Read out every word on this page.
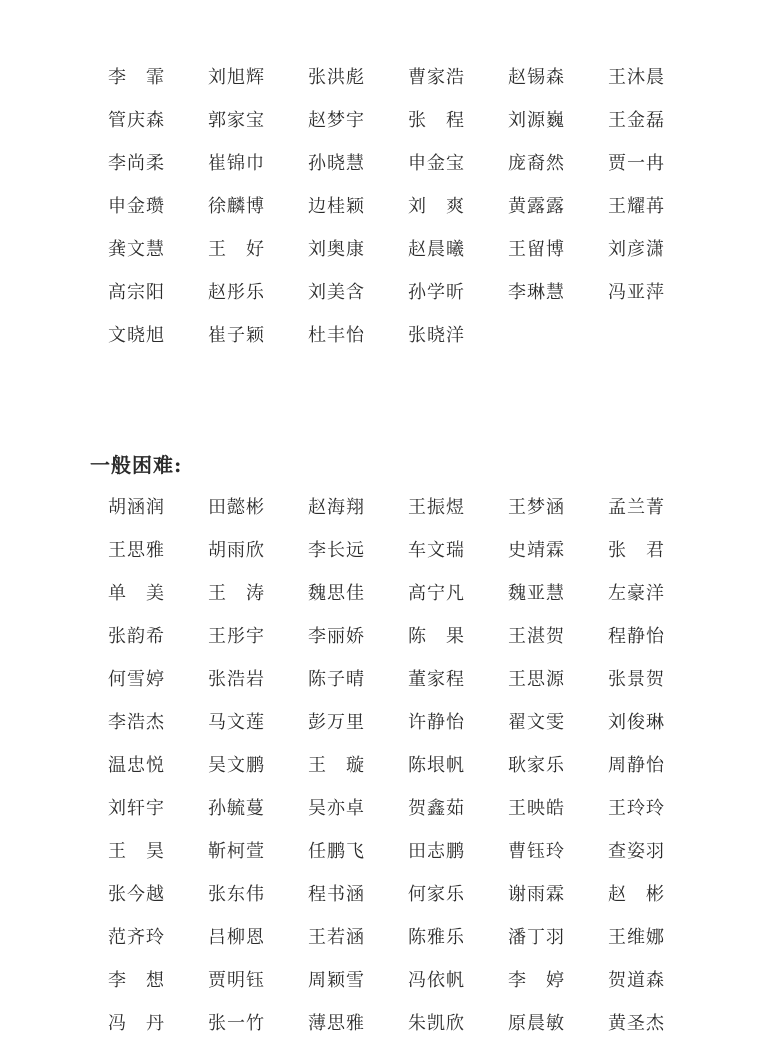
李　霏	刘旭辉	张洪彪	曹家浩	赵锡森	王沐晨
管庆森	郭家宝	赵梦宇	张　程	刘源巍	王金磊
李尚柔	崔锦巾	孙晓慧	申金宝	庞裔然	贾一冉
申金瓒	徐麟博	边桂颖	刘　爽	黄露露	王耀苒
龚文慧	王　好	刘奥康	赵晨曦	王留博	刘彦潇
高宗阳	赵彤乐	刘美含	孙学昕	李琳慧	冯亚萍
文晓旭	崔子颖	杜丰怡	张晓洋
一般困难:
胡涵润	田懿彬	赵海翔	王振煜	王梦涵	孟兰菁
王思雅	胡雨欣	李长远	车文瑞	史靖霖	张　君
单　美	王　涛	魏思佳	高宁凡	魏亚慧	左豪洋
张韵希	王彤宇	李丽娇	陈　果	王湛贺	程静怡
何雪婷	张浩岩	陈子晴	董家程	王思源	张景贺
李浩杰	马文莲	彭万里	许静怡	翟文雯	刘俊琳
温忠悦	吴文鹏	王　璇	陈垠帆	耿家乐	周静怡
刘轩宇	孙毓蔓	吴亦卓	贺鑫茹	王映皓	王玲玲
王　昊	靳柯萱	任鹏飞	田志鹏	曹钰玲	查姿羽
张今越	张东伟	程书涵	何家乐	谢雨霖	赵　彬
范齐玲	吕柳恩	王若涵	陈雅乐	潘丁羽	王维娜
李　想	贾明钰	周颖雪	冯依帆	李　婷	贺道森
冯　丹	张一竹	薄思雅	朱凯欣	原晨敏	黄圣杰
